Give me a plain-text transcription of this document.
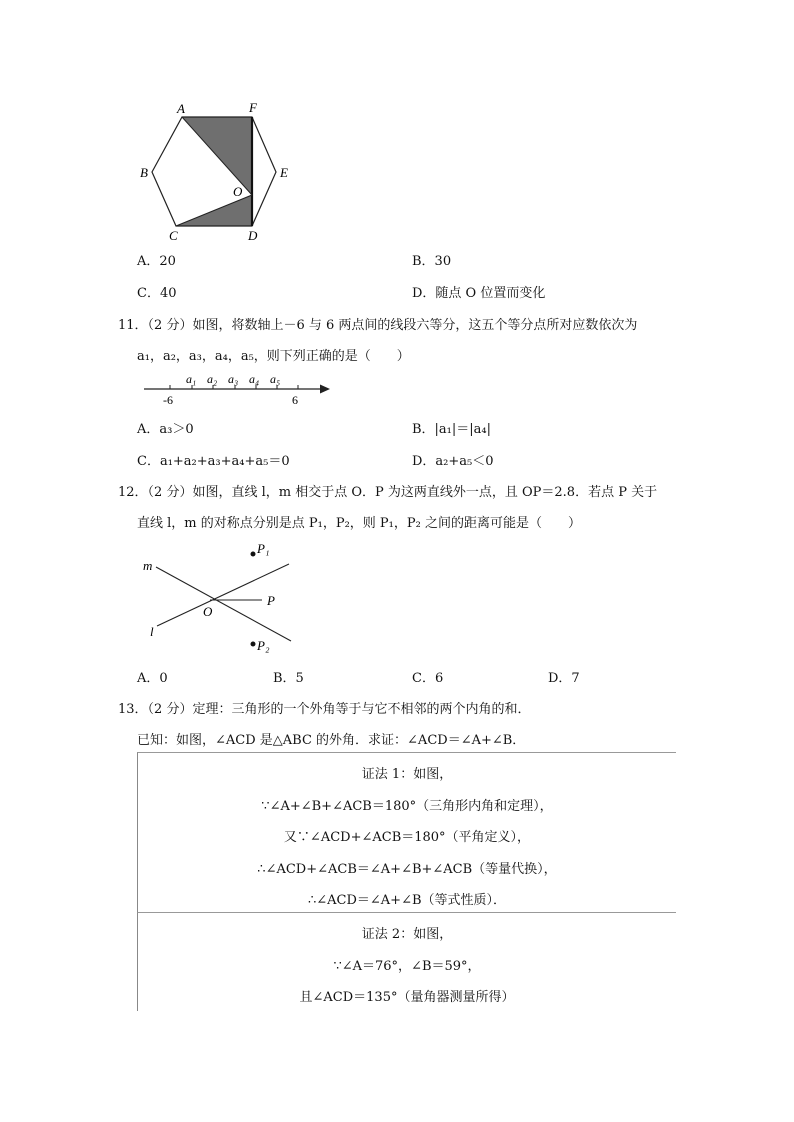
A	F
B	E
O
C	D
A．20	B．30
C．40	D．随点 O 位置而变化
11．（2 分）如图，将数轴上－6 与 6 两点间的线段六等分，这五个等分点所对应数依次为
a₁，a₂，a₃，a₄，a₅，则下列正确的是（　　）
a₁ a₂ a₃ a₄ a₅
-6	6
A．a₃＞0	B．|a₁|＝|a₄|
C．a₁+a₂+a₃+a₄+a₅＝0	D．a₂+a₅＜0
12．（2 分）如图，直线 l，m 相交于点 O．P 为这两直线外一点，且 OP＝2.8．若点 P 关于
直线 l，m 的对称点分别是点 P₁，P₂，则 P₁，P₂ 之间的距离可能是（　　）
m
l
O
P
P₁
P₂
A．0	B．5	C．6	D．7
13．（2 分）定理：三角形的一个外角等于与它不相邻的两个内角的和．
已知：如图，∠ACD 是△ABC 的外角．求证：∠ACD＝∠A+∠B．
证法 1：如图，
∵∠A+∠B+∠ACB＝180°（三角形内角和定理），
又∵∠ACD+∠ACB＝180°（平角定义），
∴∠ACD+∠ACB＝∠A+∠B+∠ACB（等量代换），
∴∠ACD＝∠A+∠B（等式性质）．
证法 2：如图，
∵∠A＝76°，∠B＝59°，
且∠ACD＝135°（量角器测量所得）
